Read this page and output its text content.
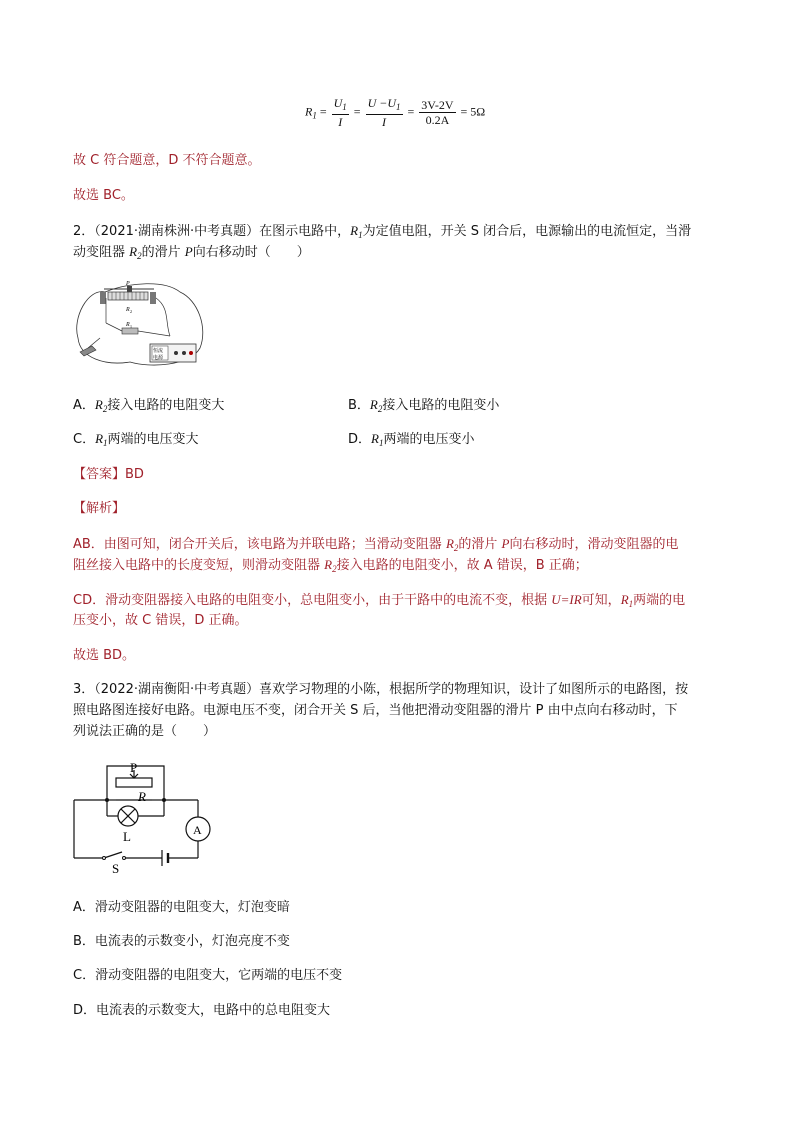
$R_1 = \frac{U_1}{I} = \frac{U -U_1}{I} = \frac{3V-2V}{0.2A} = 5\Omega$
故 C 符合题意，D 不符合题意。
故选 BC。
2．（2021·湖南株洲·中考真题）在图示电路中，$R_1$为定值电阻，开关 S 闭合后，电源输出的电流恒定，当滑
动变阻器 $R_2$的滑片 P向右移动时（　　）
P
R 2
R 1
恒流
电源
A．$R_2$接入电路的电阻变大	B．$R_2$接入电路的电阻变小
C．$R_1$两端的电压变大	D．$R_1$两端的电压变小
【答案】BD
【解析】
AB．由图可知，闭合开关后，该电路为并联电路；当滑动变阻器 $R_2$的滑片 P向右移动时，滑动变阻器的电
阻丝接入电路中的长度变短，则滑动变阻器 $R_2$接入电路的电阻变小，故 A 错误，B 正确；
CD．滑动变阻器接入电路的电阻变小，总电阻变小，由于干路中的电流不变，根据 U=IR可知，$R_1$两端的电
压变小，故 C 错误，D 正确。
故选 BD。
3．（2022·湖南衡阳·中考真题）喜欢学习物理的小陈，根据所学的物理知识，设计了如图所示的电路图，按
照电路图连接好电路。电源电压不变，闭合开关 S 后，当他把滑动变阻器的滑片 P 由中点向右移动时，下
列说法正确的是（　　）
P
R
L
S
A
A．滑动变阻器的电阻变大，灯泡变暗
B．电流表的示数变小，灯泡亮度不变
C．滑动变阻器的电阻变大，它两端的电压不变
D．电流表的示数变大，电路中的总电阻变大
